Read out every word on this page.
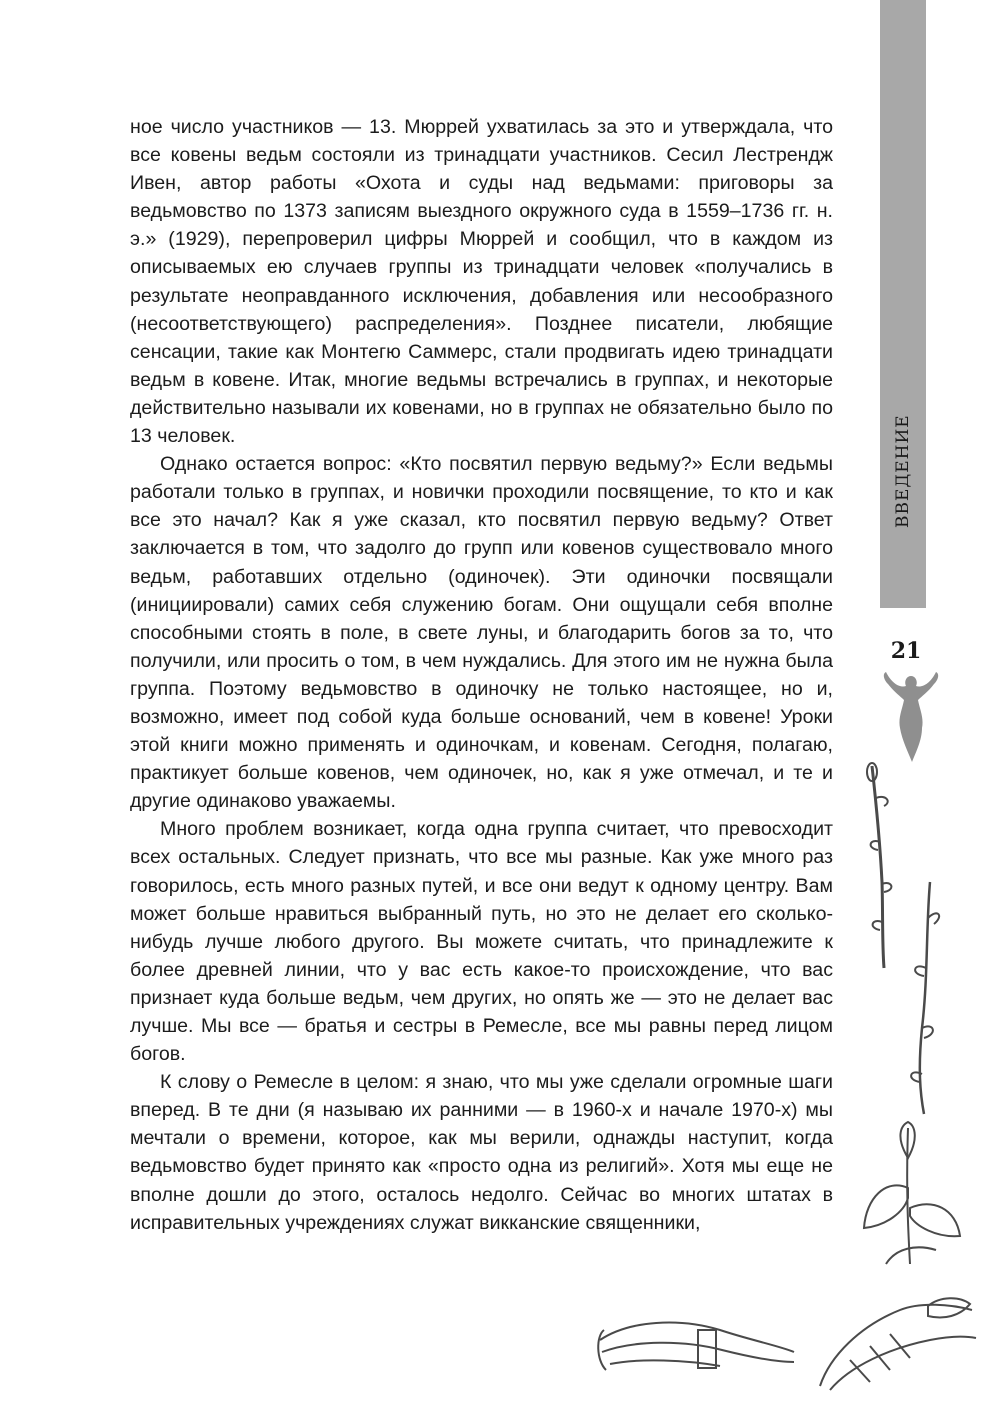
ное число участников — 13. Мюррей ухватилась за это и утверждала, что все ковены ведьм состояли из тринадцати участников. Сесил Лестрендж Ивен, автор работы «Охота и суды над ведьмами: приговоры за ведьмовство по 1373 записям выездного окружного суда в 1559–1736 гг. н. э.» (1929), перепроверил цифры Мюррей и сообщил, что в каждом из описываемых ею случаев группы из тринадцати человек «получались в результате неоправданного исключения, добавления или несообразного (несоответствующего) распределения». Позднее писатели, любящие сенсации, такие как Монтегю Саммерс, стали продвигать идею тринадцати ведьм в ковене. Итак, многие ведьмы встречались в группах, и некоторые действительно называли их ковенами, но в группах не обязательно было по 13 человек.

Однако остается вопрос: «Кто посвятил первую ведьму?» Если ведьмы работали только в группах, и новички проходили посвящение, то кто и как все это начал? Как я уже сказал, кто посвятил первую ведьму? Ответ заключается в том, что задолго до групп или ковенов существовало много ведьм, работавших отдельно (одиночек). Эти одиночки посвящали (инициировали) самих себя служению богам. Они ощущали себя вполне способными стоять в поле, в свете луны, и благодарить богов за то, что получили, или просить о том, в чем нуждались. Для этого им не нужна была группа. Поэтому ведьмовство в одиночку не только настоящее, но и, возможно, имеет под собой куда больше оснований, чем в ковене! Уроки этой книги можно применять и одиночкам, и ковенам. Сегодня, полагаю, практикует больше ковенов, чем одиночек, но, как я уже отмечал, и те и другие одинаково уважаемы.

Много проблем возникает, когда одна группа считает, что превосходит всех остальных. Следует признать, что все мы разные. Как уже много раз говорилось, есть много разных путей, и все они ведут к одному центру. Вам может больше нравиться выбранный путь, но это не делает его сколько-нибудь лучше любого другого. Вы можете считать, что принадлежите к более древней линии, что у вас есть какое-то происхождение, что вас признает куда больше ведьм, чем других, но опять же — это не делает вас лучше. Мы все — братья и сестры в Ремесле, все мы равны перед лицом богов.

К слову о Ремесле в целом: я знаю, что мы уже сделали огромные шаги вперед. В те дни (я называю их ранними — в 1960-х и начале 1970-х) мы мечтали о времени, которое, как мы верили, однажды наступит, когда ведьмовство будет принято как «просто одна из религий». Хотя мы еще не вполне дошли до этого, осталось недолго. Сейчас во многих штатах в исправительных учреждениях служат викканские священники,

ВВЕДЕНИЕ
21
